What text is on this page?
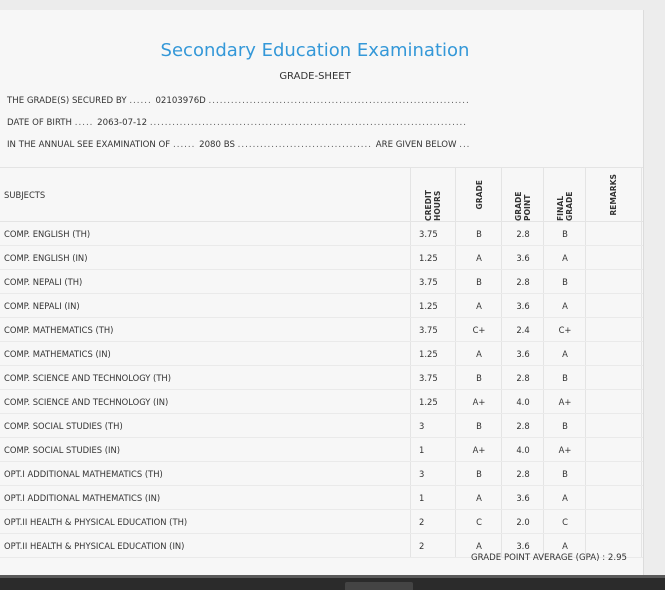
Secondary Education Examination
GRADE-SHEET
THE GRADE(S) SECURED BY ...... 02103976D ......................................................................
DATE OF BIRTH ..... 2063-07-12 .....................................................................................
IN THE ANNUAL SEE EXAMINATION OF ...... 2080 BS .................................... ARE GIVEN BELOW ...
SUBJECTS	CREDIT HOURS	GRADE	GRADE POINT	FINAL GRADE	REMARKS
COMP. ENGLISH (TH)	3.75	B	2.8	B
COMP. ENGLISH (IN)	1.25	A	3.6	A
COMP. NEPALI (TH)	3.75	B	2.8	B
COMP. NEPALI (IN)	1.25	A	3.6	A
COMP. MATHEMATICS (TH)	3.75	C+	2.4	C+
COMP. MATHEMATICS (IN)	1.25	A	3.6	A
COMP. SCIENCE AND TECHNOLOGY (TH)	3.75	B	2.8	B
COMP. SCIENCE AND TECHNOLOGY (IN)	1.25	A+	4.0	A+
COMP. SOCIAL STUDIES (TH)	3	B	2.8	B
COMP. SOCIAL STUDIES (IN)	1	A+	4.0	A+
OPT.I ADDITIONAL MATHEMATICS (TH)	3	B	2.8	B
OPT.I ADDITIONAL MATHEMATICS (IN)	1	A	3.6	A
OPT.II HEALTH & PHYSICAL EDUCATION (TH)	2	C	2.0	C
OPT.II HEALTH & PHYSICAL EDUCATION (IN)	2	A	3.6	A
GRADE POINT AVERAGE (GPA) : 2.95
